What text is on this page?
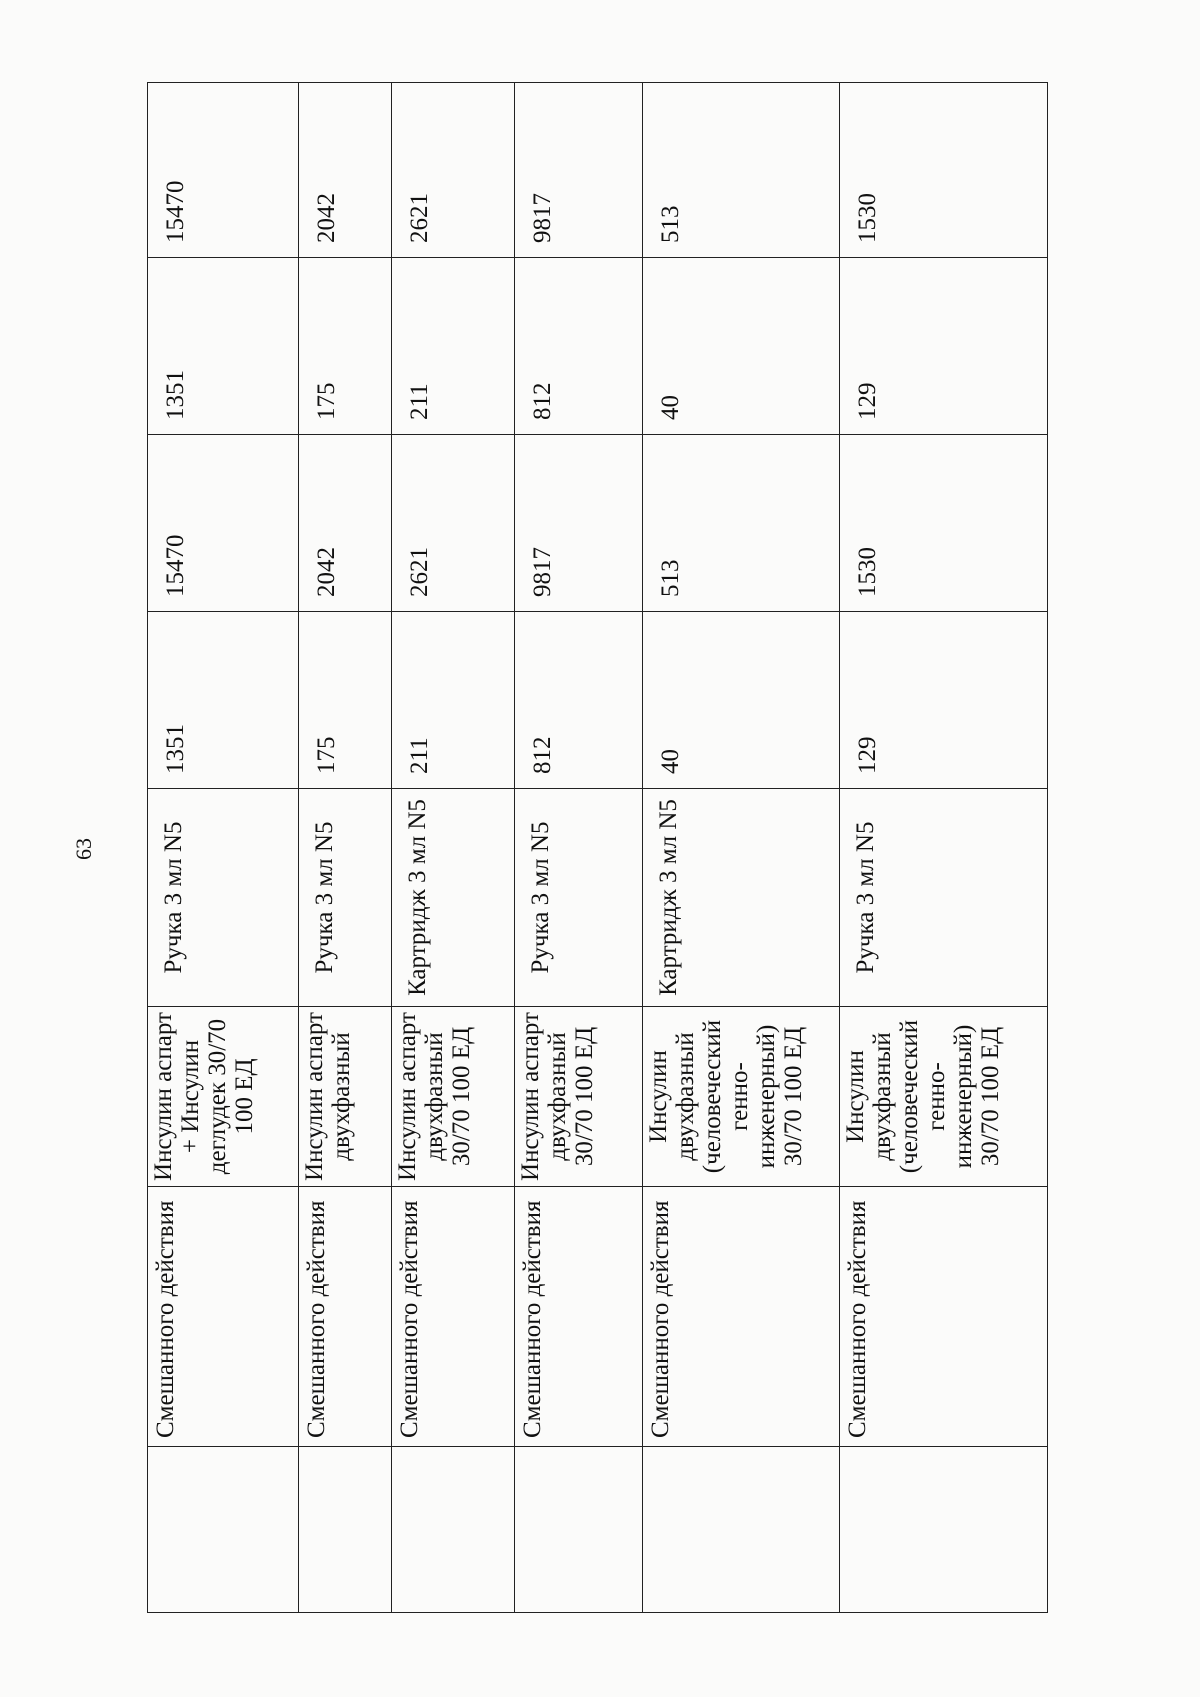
63
	Смешанного действия	Инсулин аспарт + Инсулин деглудек 30/70 100 ЕД	Ручка 3 мл N5	1351	15470	1351	15470
	Смешанного действия	Инсулин аспарт двухфазный	Ручка 3 мл N5	175	2042	175	2042
	Смешанного действия	Инсулин аспарт двухфазный 30/70 100 ЕД	Картридж 3 мл N5	211	2621	211	2621
	Смешанного действия	Инсулин аспарт двухфазный 30/70 100 ЕД	Ручка 3 мл N5	812	9817	812	9817
	Смешанного действия	Инсулин двухфазный (человеческий генно-инженерный) 30/70 100 ЕД	Картридж 3 мл N5	40	513	40	513
	Смешанного действия	Инсулин двухфазный (человеческий генно-инженерный) 30/70 100 ЕД	Ручка 3 мл N5	129	1530	129	1530
